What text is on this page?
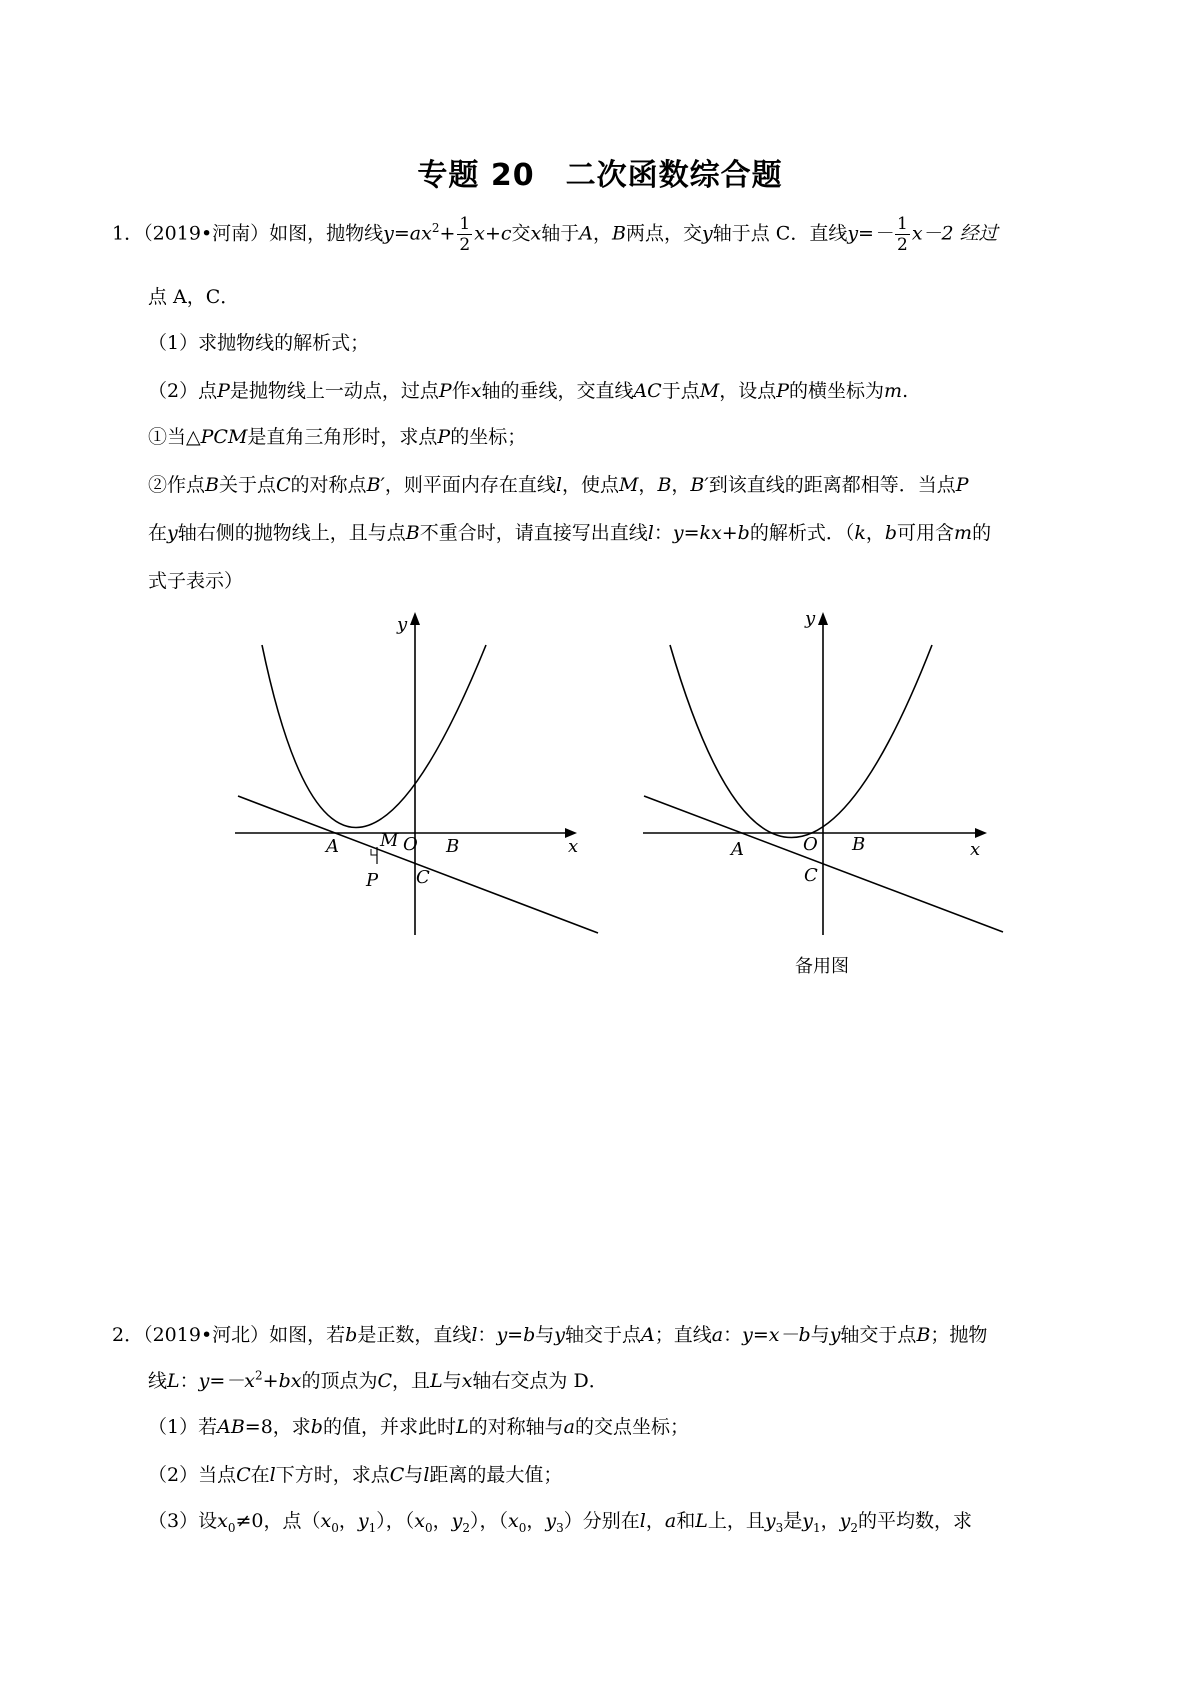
专题 20　二次函数综合题
1．（2019•河南）如图，抛物线$y=ax^2+ \frac{1}{2} x+c$交x轴于A，B两点，交y轴于点 C．直线$y=- \frac{1}{2} x-2$ 经过
点 A，C．
（1）求抛物线的解析式；
（2）点P是抛物线上一动点，过点P作x轴的垂线，交直线AC于点M，设点P的横坐标为m.
①当△PCM是直角三角形时，求点P的坐标；
②作点B关于点C的对称点B′，则平面内存在直线l，使点M，B，B′到该直线的距离都相等．当点P
在y轴右侧的抛物线上，且与点B不重合时，请直接写出直线l：y=kx+b的解析式．（k，b可用含m的
式子表示）
y
x
A M O B
P C
y
x
A	O B
C
备用图
2．（2019•河北）如图，若b是正数，直线l：y=b与y轴交于点A；直线a：y=x－b与y轴交于点B；抛物
线L：$y=-x^2+bx$的顶点为C，且L与x轴右交点为 D．
（1）若AB=8，求b的值，并求此时L的对称轴与a的交点坐标；
（2）当点C在l下方时，求点C与l距离的最大值；
（3）设$x_0\ne 0$，点（$x_0$，$y_1$），（$x_0$，$y_2$），（$x_0$，$y_3$）分别在l，a和L上，且$y_3$是$y_1$，$y_2$的平均数，求
